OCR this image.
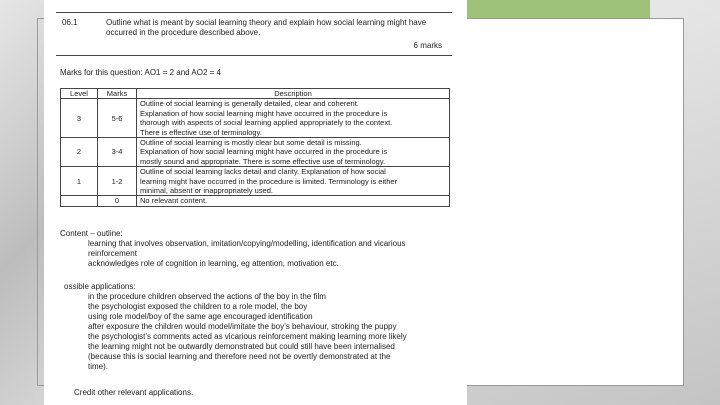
06.1	Outline what is meant by social learning theory and explain how social learning might have occurred in the procedure described above.
6 marks
Marks for this question: AO1 = 2 and AO2 = 4
Level	Marks	Description
3	5-6	Outline of social learning is generally detailed, clear and coherent.
Explanation of how social learning might have occurred in the procedure is
thorough with aspects of social learning applied appropriately to the context.
There is effective use of terminology.

2	3-4	Outline of social learning is mostly clear but some detail is missing.
Explanation of how social learning might have occurred in the procedure is
mostly sound and appropriate. There is some effective use of terminology.

1	1-2	Outline of social learning lacks detail and clarity. Explanation of how social
learning might have occurred in the procedure is limited. Terminology is either
minimal, absent or inappropriately used.

	0	No relevant content.
Content – outline:
learning that involves observation, imitation/copying/modelling, identification and vicarious
reinforcement
acknowledges role of cognition in learning, eg attention, motivation etc.
ossible applications:
in the procedure children observed the actions of the boy in the film
the psychologist exposed the children to a role model, the boy
using role model/boy of the same age encouraged identification
after exposure the children would model/imitate the boy’s behaviour, stroking the puppy
the psychologist’s comments acted as vicarious reinforcement making learning more likely
the learning might not be outwardly demonstrated but could still have been internalised
(because this is social learning and therefore need not be overtly demonstrated at the
time).
Credit other relevant applications.
